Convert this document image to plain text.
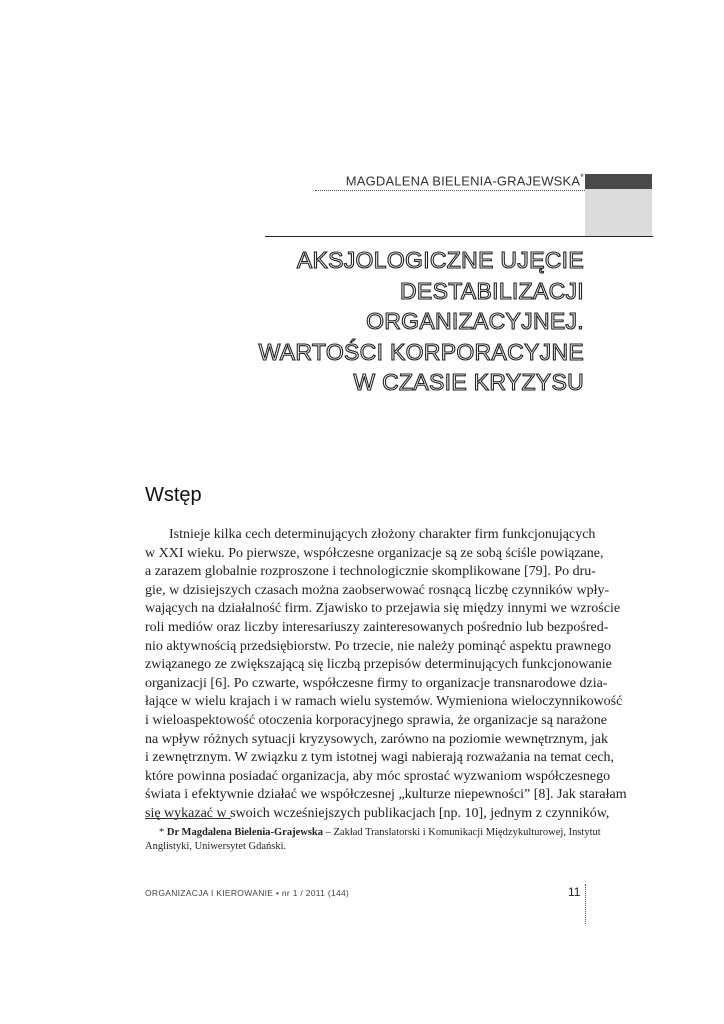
MAGDALENA BIELENIA-GRAJEWSKA*
AKSJOLOGICZNE UJĘCIE
DESTABILIZACJI
ORGANIZACYJNEJ.
WARTOŚCI KORPORACYJNE
W CZASIE KRYZYSU
Wstęp
Istnieje kilka cech determinujących złożony charakter firm funkcjonujących
w XXI wieku. Po pierwsze, współczesne organizacje są ze sobą ściśle powiązane,
a zarazem globalnie rozproszone i technologicznie skomplikowane [79]. Po dru-
gie, w dzisiejszych czasach można zaobserwować rosnącą liczbę czynników wpły-
wających na działalność firm. Zjawisko to przejawia się między innymi we wzroście
roli mediów oraz liczby interesariuszy zainteresowanych pośrednio lub bezpośred-
nio aktywnością przedsiębiorstw. Po trzecie, nie należy pominąć aspektu prawnego
związanego ze zwiększającą się liczbą przepisów determinujących funkcjonowanie
organizacji [6]. Po czwarte, współczesne firmy to organizacje transnarodowe dzia-
łające w wielu krajach i w ramach wielu systemów. Wymieniona wieloczynnikowość
i wieloaspektowość otoczenia korporacyjnego sprawia, że organizacje są narażone
na wpływ różnych sytuacji kryzysowych, zarówno na poziomie wewnętrznym, jak
i zewnętrznym. W związku z tym istotnej wagi nabierają rozważania na temat cech,
które powinna posiadać organizacja, aby móc sprostać wyzwaniom współczesnego
świata i efektywnie działać we współczesnej „kulturze niepewności” [8]. Jak starałam
się wykazać w swoich wcześniejszych publikacjach [np. 10], jednym z czynników,
* Dr Magdalena Bielenia-Grajewska – Zakład Translatorski i Komunikacji Międzykulturowej, Instytut
Anglistyki, Uniwersytet Gdański.
ORGANIZACJA I KIEROWANIE • nr 1 / 2011 (144)	11
